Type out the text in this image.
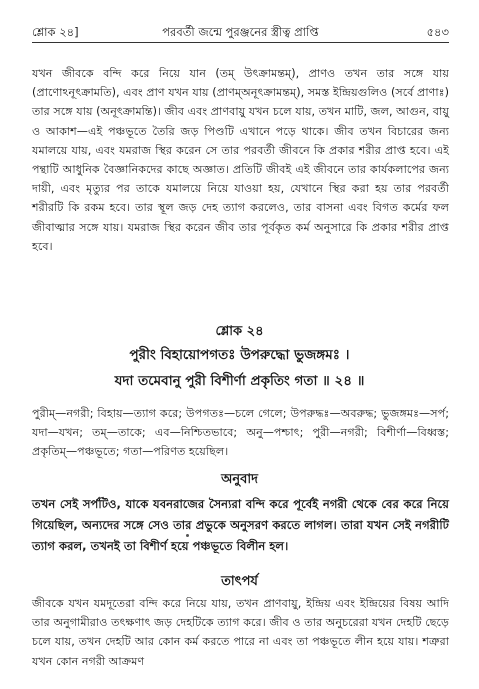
শ্লোক ২৪]	পরবর্তী জন্মে পুরঞ্জনের স্ত্রীত্ব প্রাপ্তি	৫৪৩

যখন জীবকে বন্দি করে নিয়ে যান (তম্ উৎক্রামন্তম্), প্রাণও তখন তার সঙ্গে যায় (প্রাণোঽনূৎক্রামতি), এবং প্রাণ যখন যায় (প্রাণম্অনূৎক্রামন্তম্), সমস্ত ইন্দ্রিয়গুলিও (সর্বে প্রাণাঃ) তার সঙ্গে যায় (অনূৎক্রামন্তি)। জীব এবং প্রাণবায়ু যখন চলে যায়, তখন মাটি, জল, আগুন, বায়ু ও আকাশ—এই পঞ্চভূতে তৈরি জড় পিণ্ডটি এখানে পড়ে থাকে। জীব তখন বিচারের জন্য যমালয়ে যায়, এবং যমরাজ স্থির করেন সে তার পরবর্তী জীবনে কি প্রকার শরীর প্রাপ্ত হবে। এই পন্থাটি আধুনিক বৈজ্ঞানিকদের কাছে অজ্ঞাত। প্রতিটি জীবই এই জীবনে তার কার্যকলাপের জন্য দায়ী, এবং মৃত্যুর পর তাকে যমালয়ে নিয়ে যাওয়া হয়, যেখানে স্থির করা হয় তার পরবর্তী শরীরটি কি রকম হবে। তার স্থূল জড় দেহ ত্যাগ করলেও, তার বাসনা এবং বিগত কর্মের ফল জীবাত্মার সঙ্গে যায়। যমরাজ স্থির করেন জীব তার পূর্বকৃত কর্ম অনুসারে কি প্রকার শরীর প্রাপ্ত হবে।

শ্লোক ২৪

পুরীং বিহায়োপগতঃ উপরুদ্ধো ভুজঙ্গমঃ ।

যদা তমেবানু পুরী বিশীর্ণা প্রকৃতিং গতা ॥ ২৪ ॥

পুরীম্—নগরী; বিহায়—ত্যাগ করে; উপগতঃ—চলে গেলে; উপরুদ্ধঃ—অবরুদ্ধ; ভুজঙ্গমঃ—সর্প; যদা—যখন; তম্—তাকে; এব—নিশ্চিতভাবে; অনু—পশ্চাৎ; পুরী—নগরী; বিশীর্ণা—বিধ্বস্ত; প্রকৃতিম্—পঞ্চভূতে; গতা—পরিণত হয়েছিল।

অনুবাদ

তখন সেই সর্পটিও, যাকে যবনরাজের সৈন্যরা বন্দি করে পূর্বেই নগরী থেকে বের করে নিয়ে গিয়েছিল, অন্যদের সঙ্গে সেও তার প্রভুকে অনুসরণ করতে লাগল। তারা যখন সেই নগরীটি ত্যাগ করল, তখনই তা বিশীর্ণ হয়ে পঞ্চভূতে বিলীন হল।

তাৎপর্য

জীবকে যখন যমদূতেরা বন্দি করে নিয়ে যায়, তখন প্রাণবায়ু, ইন্দ্রিয় এবং ইন্দ্রিয়ের বিষয় আদি তার অনুগামীরাও তৎক্ষণাৎ জড় দেহটিকে ত্যাগ করে। জীব ও তার অনুচরেরা যখন দেহটি ছেড়ে চলে যায়, তখন দেহটি আর কোন কর্ম করতে পারে না এবং তা পঞ্চভূতে লীন হয়ে যায়। শত্রুরা যখন কোন নগরী আক্রমণ
